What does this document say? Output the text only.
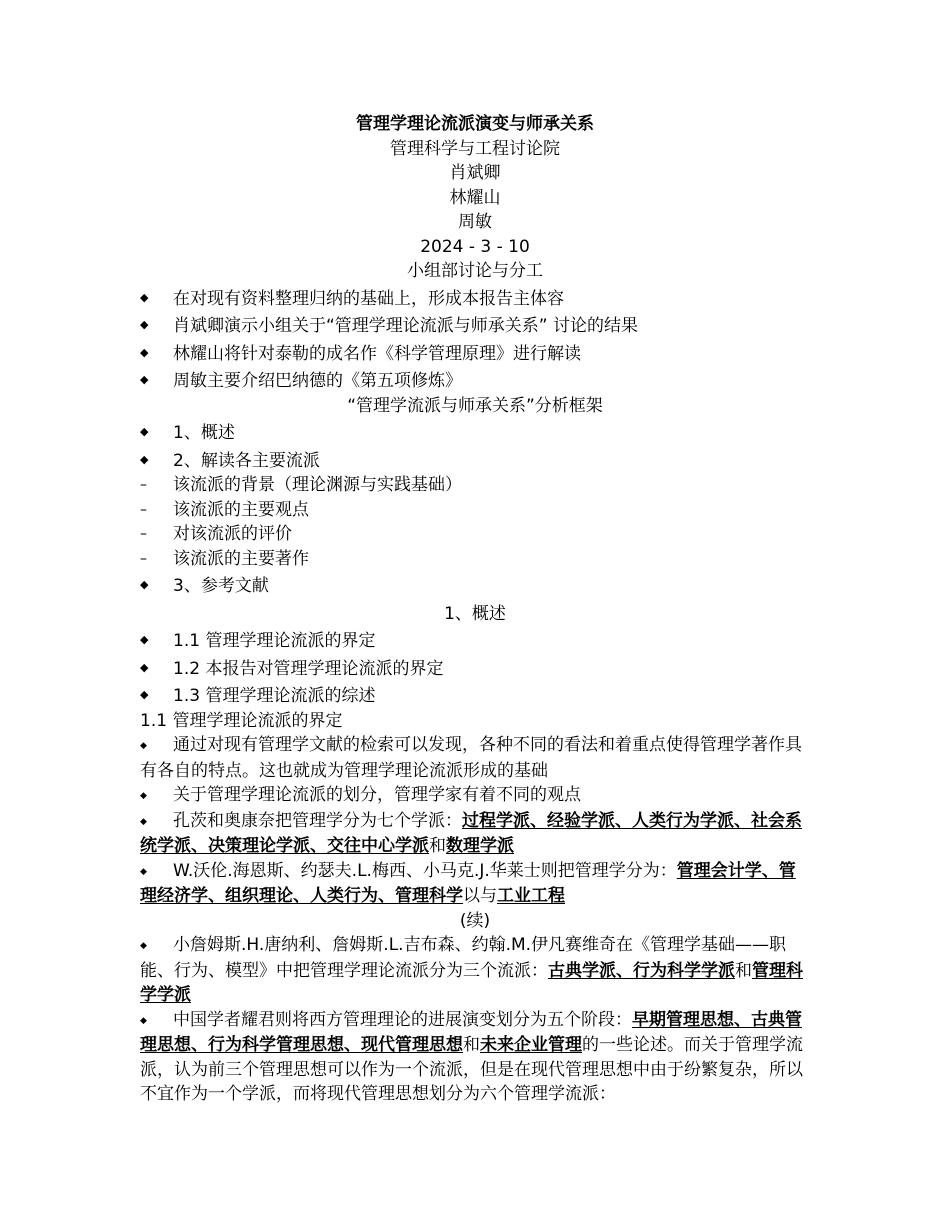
管理学理论流派演变与师承关系
管理科学与工程讨论院
肖斌卿
林耀山
周敏
2024 - 3 - 10
小组部讨论与分工
◆	在对现有资料整理归纳的基础上，形成本报告主体容
◆	肖斌卿演示小组关于“管理学理论流派与师承关系” 讨论的结果
◆	林耀山将针对泰勒的成名作《科学管理原理》进行解读
◆	周敏主要介绍巴纳德的《第五项修炼》
“管理学流派与师承关系”分析框架
◆	1、概述
◆	2、解读各主要流派
–	该流派的背景（理论渊源与实践基础）
–	该流派的主要观点
–	对该流派的评价
–	该流派的主要著作
◆	3、参考文献
1、概述
◆	1.1 管理学理论流派的界定
◆	1.2 本报告对管理学理论流派的界定
◆	1.3 管理学理论流派的综述
1.1 管理学理论流派的界定

◆ 通过对现有管理学文献的检索可以发现，各种不同的看法和着重点使得管理学著作具有各自的特点。这也就成为管理学理论流派形成的基础

◆ 关于管理学理论流派的划分，管理学家有着不同的观点

◆ 孔茨和奥康奈把管理学分为七个学派：过程学派、经验学派、人类行为学派、社会系统学派、决策理论学派、交往中心学派和数理学派

◆ W.沃伦.海恩斯、约瑟夫.L.梅西、小马克.J.华莱士则把管理学分为：管理会计学、管理经济学、组织理论、人类行为、管理科学以与工业工程

(续)

◆ 小詹姆斯.H.唐纳利、詹姆斯.L.吉布森、约翰.M.伊凡赛维奇在《管理学基础——职能、行为、模型》中把管理学理论流派分为三个流派：古典学派、行为科学学派和管理科学学派

◆ 中国学者耀君则将西方管理理论的进展演变划分为五个阶段：早期管理思想、古典管理思想、行为科学管理思想、现代管理思想和未来企业管理的一些论述。而关于管理学流派，认为前三个管理思想可以作为一个流派，但是在现代管理思想中由于纷繁复杂，所以不宜作为一个学派，而将现代管理思想划分为六个管理学流派：
